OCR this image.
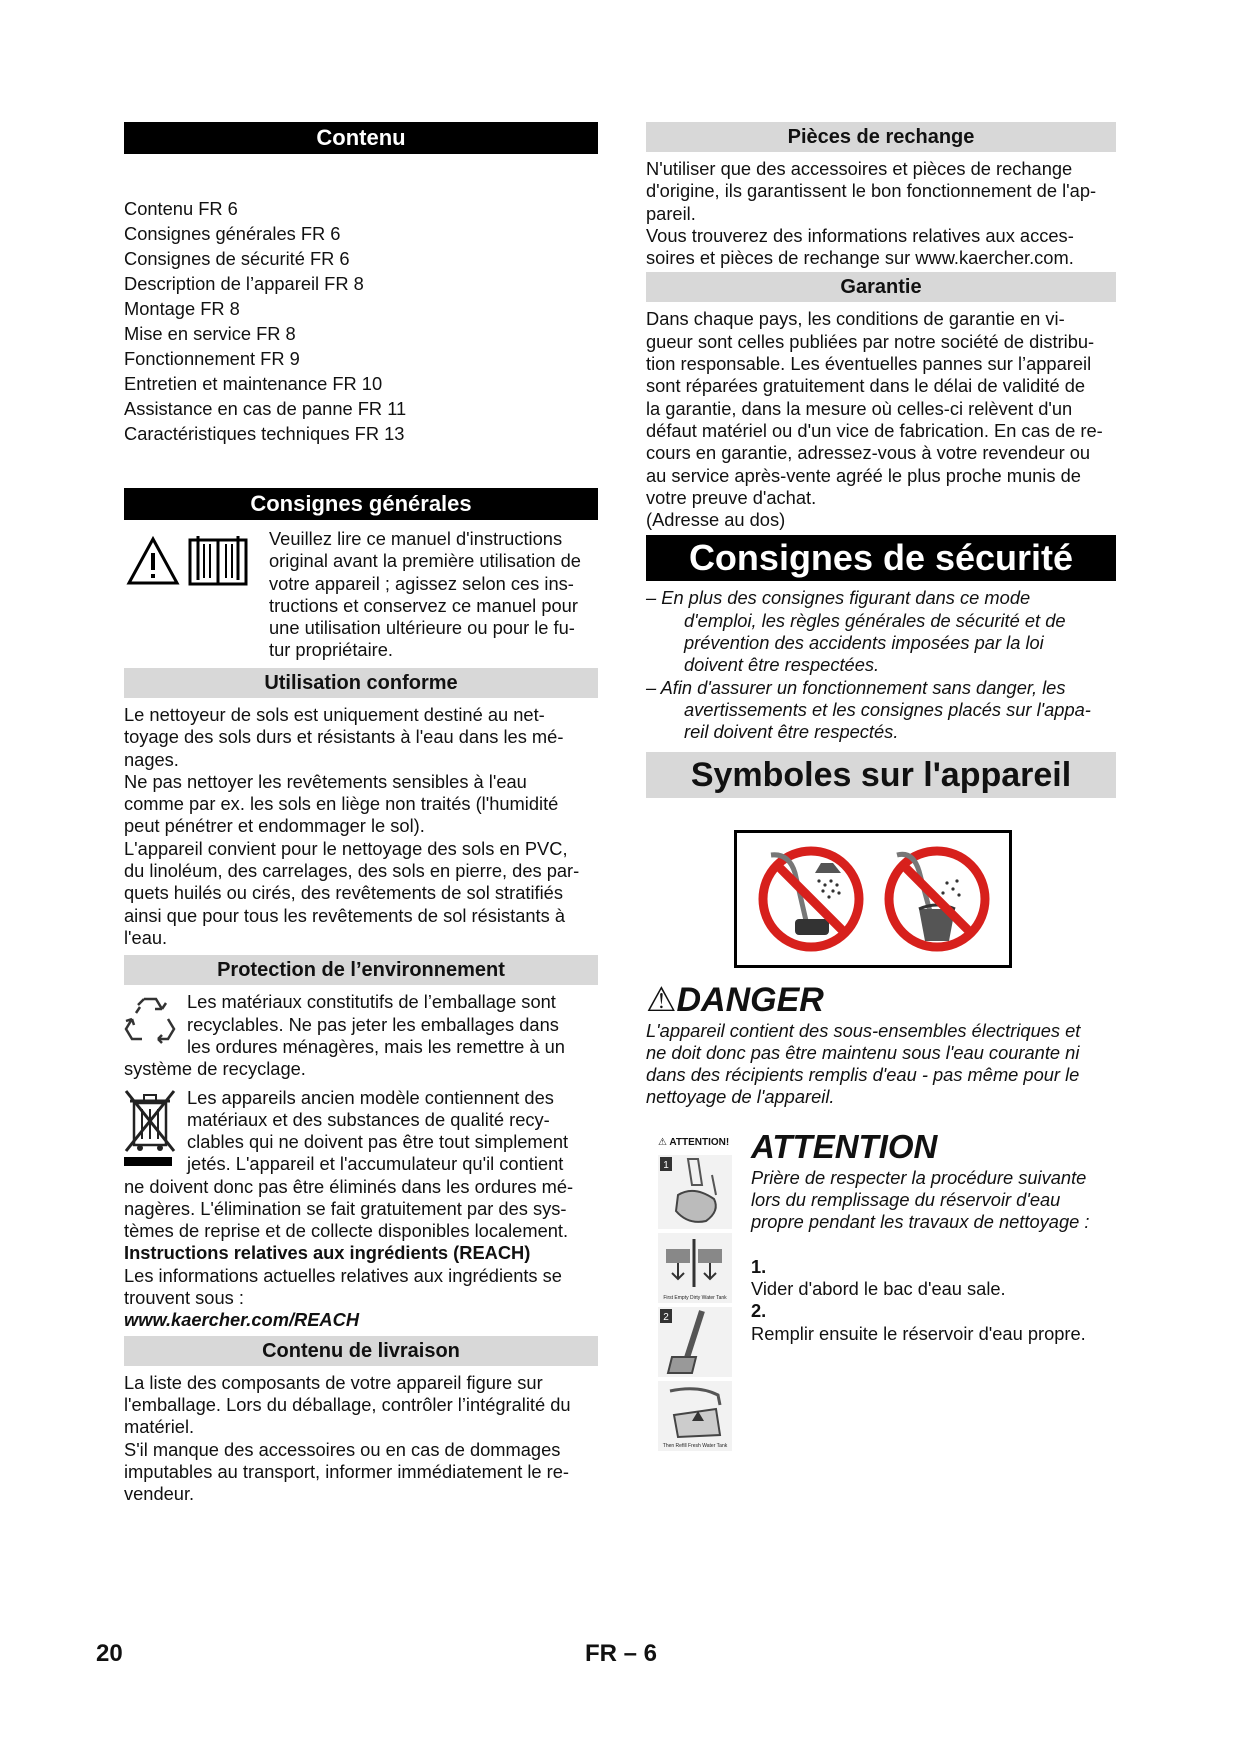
Contenu

Contenu FR 6

Consignes générales FR 6

Consignes de sécurité FR 6

Description de l’appareil FR 8

Montage FR 8

Mise en service FR 8

Fonctionnement FR 9

Entretien et maintenance FR 10

Assistance en cas de panne FR 11

Caractéristiques techniques FR 13

Consignes générales

Veuillez lire ce manuel d'instructions

original avant la première utilisation de

votre appareil ; agissez selon ces ins-

tructions et conservez ce manuel pour

une utilisation ultérieure ou pour le fu-

tur propriétaire.

Utilisation conforme

Le nettoyeur de sols est uniquement destiné au net-

toyage des sols durs et résistants à l'eau dans les mé-

nages.

Ne pas nettoyer les revêtements sensibles à l'eau

comme par ex. les sols en liège non traités (l'humidité

peut pénétrer et endommager le sol).

L'appareil convient pour le nettoyage des sols en PVC,

du linoléum, des carrelages, des sols en pierre, des par-

quets huilés ou cirés, des revêtements de sol stratifiés

ainsi que pour tous les revêtements de sol résistants à

l'eau.

Protection de l’environnement

Les matériaux constitutifs de l’emballage sont

recyclables. Ne pas jeter les emballages dans

les ordures ménagères, mais les remettre à un

système de recyclage.

Les appareils ancien modèle contiennent des

matériaux et des substances de qualité recy-

clables qui ne doivent pas être tout simplement

jetés. L'appareil et l'accumulateur qu'il contient

ne doivent donc pas être éliminés dans les ordures mé-

nagères. L'élimination se fait gratuitement par des sys-

tèmes de reprise et de collecte disponibles localement.

Instructions relatives aux ingrédients (REACH)

Les informations actuelles relatives aux ingrédients se

trouvent sous :

www.kaercher.com/REACH

Contenu de livraison

La liste des composants de votre appareil figure sur

l'emballage. Lors du déballage, contrôler l’intégralité du

matériel.

S'il manque des accessoires ou en cas de dommages

imputables au transport, informer immédiatement le re-

vendeur.

Pièces de rechange

N'utiliser que des accessoires et pièces de rechange

d'origine, ils garantissent le bon fonctionnement de l'ap-

pareil.

Vous trouverez des informations relatives aux acces-

soires et pièces de rechange sur www.kaercher.com.

Garantie

Dans chaque pays, les conditions de garantie en vi-

gueur sont celles publiées par notre société de distribu-

tion responsable. Les éventuelles pannes sur l’appareil

sont réparées gratuitement dans le délai de validité de

la garantie, dans la mesure où celles-ci relèvent d'un

défaut matériel ou d'un vice de fabrication. En cas de re-

cours en garantie, adressez-vous à votre revendeur ou

au service après-vente agréé le plus proche munis de

votre preuve d'achat.

(Adresse au dos)

Consignes de sécurité

– En plus des consignes figurant dans ce mode

d'emploi, les règles générales de sécurité et de

prévention des accidents imposées par la loi

doivent être respectées.

– Afin d'assurer un fonctionnement sans danger, les

avertissements et les consignes placés sur l'appa-

reil doivent être respectés.

Symboles sur l'appareil
⚠DANGER

L'appareil contient des sous-ensembles électriques et

ne doit donc pas être maintenu sous l'eau courante ni

dans des récipients remplis d'eau - pas même pour le

nettoyage de l'appareil.

⚠ ATTENTION!
1
First Empty Dirty Water Tank
2
Then Refill Fresh Water Tank
ATTENTION

Prière de respecter la procédure suivante

lors du remplissage du réservoir d'eau

propre pendant les travaux de nettoyage :

1.

Vider d'abord le bac d'eau sale.

2.

Remplir ensuite le réservoir d'eau propre.

20	FR – 6
